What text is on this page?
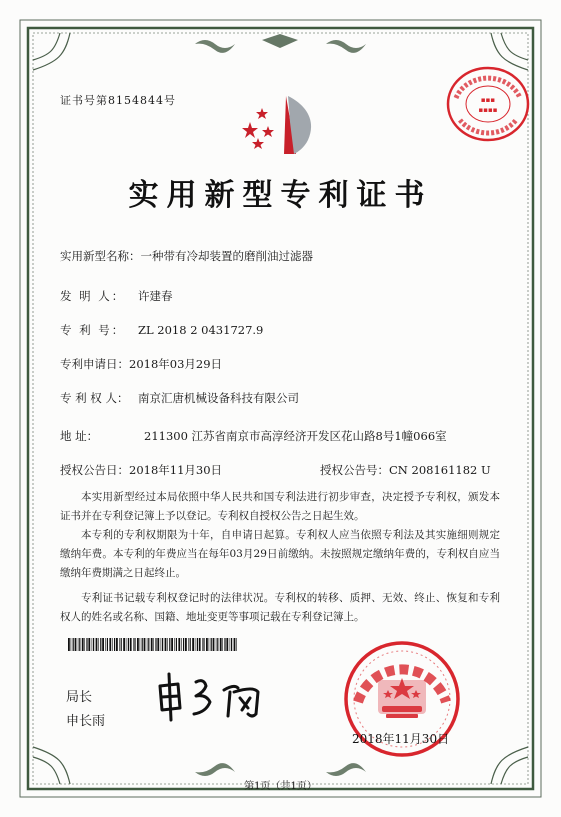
证书号第8154844号	▪▪▪
▪▪▪▪
实用新型专利证书
实用新型名称：一种带有冷却装置的磨削油过滤器
发 明 人： 许建春
专 利 号： ZL 2018 2 0431727.9
专利申请日：2018年03月29日
专 利 权 人： 南京汇唐机械设备科技有限公司
地 址：	211300 江苏省南京市高淳经济开发区花山路8号1幢066室
授权公告日：2018年11月30日	授权公告号：CN 208161182 U

本实用新型经过本局依照中华人民共和国专利法进行初步审查，决定授予专利权，颁发本证书并在专利登记簿上予以登记。专利权自授权公告之日起生效。

本专利的专利权期限为十年，自申请日起算。专利权人应当依照专利法及其实施细则规定缴纳年费。本专利的年费应当在每年03月29日前缴纳。未按照规定缴纳年费的，专利权自应当缴纳年费期满之日起终止。

专利证书记载专利权登记时的法律状况。专利权的转移、质押、无效、终止、恢复和专利权人的姓名或名称、国籍、地址变更等事项记载在专利登记簿上。

局长
申长雨
2018年11月30日
第1页（共1页）
